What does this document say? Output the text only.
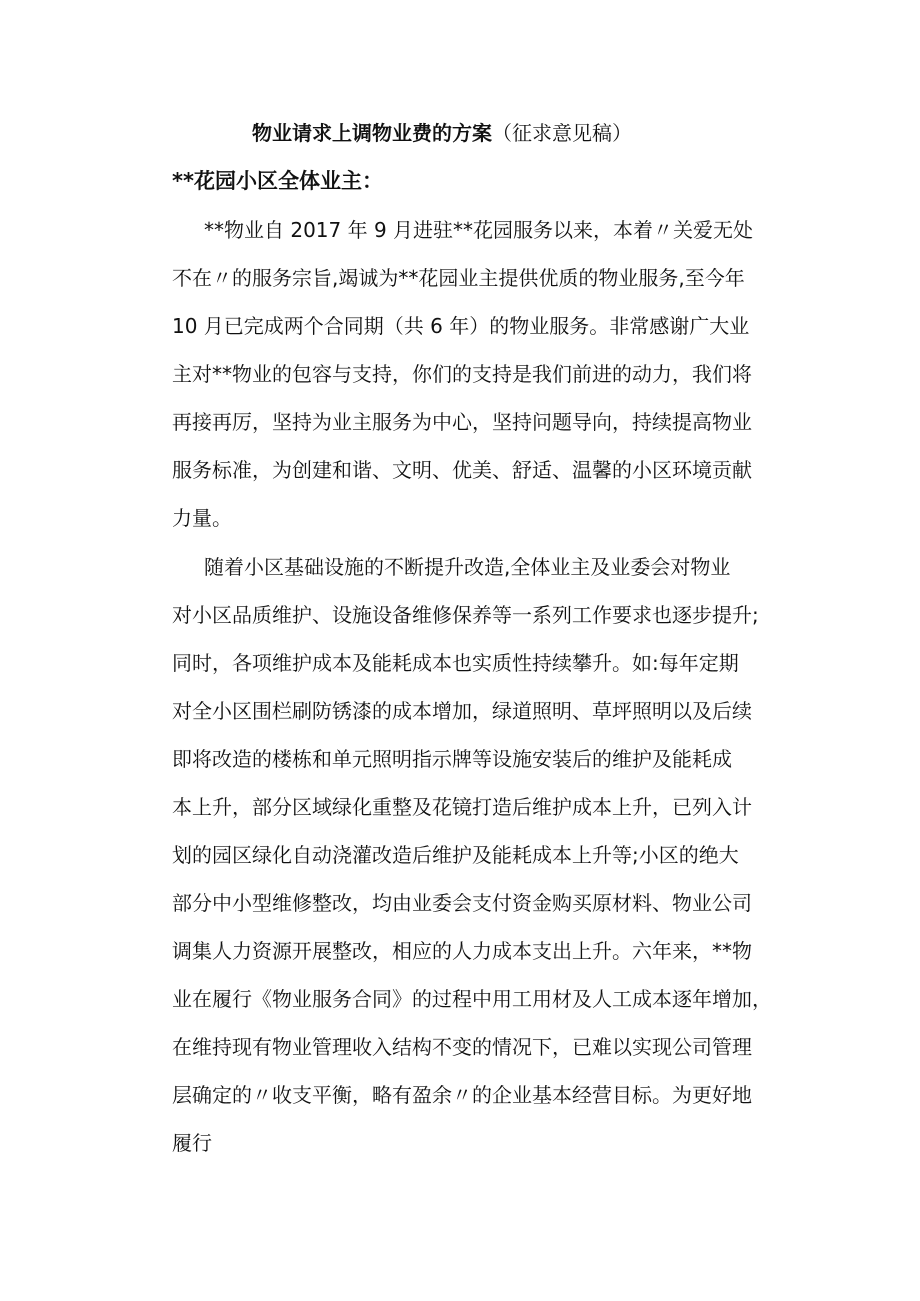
物业请求上调物业费的方案（征求意见稿）
**花园小区全体业主：
**物业自 2017 年 9 月进驻**花园服务以来，本着〃关爱无处
不在〃的服务宗旨,竭诚为**花园业主提供优质的物业服务,至今年
10 月已完成两个合同期（共 6 年）的物业服务。非常感谢广大业
主对**物业的包容与支持，你们的支持是我们前进的动力，我们将
再接再厉，坚持为业主服务为中心，坚持问题导向，持续提高物业
服务标准，为创建和谐、文明、优美、舒适、温馨的小区环境贡献
力量。
随着小区基础设施的不断提升改造,全体业主及业委会对物业
对小区品质维护、设施设备维修保养等一系列工作要求也逐步提升;
同时，各项维护成本及能耗成本也实质性持续攀升。如:每年定期
对全小区围栏刷防锈漆的成本增加，绿道照明、草坪照明以及后续
即将改造的楼栋和单元照明指示牌等设施安装后的维护及能耗成
本上升，部分区域绿化重整及花镜打造后维护成本上升，已列入计
划的园区绿化自动浇灌改造后维护及能耗成本上升等;小区的绝大
部分中小型维修整改，均由业委会支付资金购买原材料、物业公司
调集人力资源开展整改，相应的人力成本支出上升。六年来，**物
业在履行《物业服务合同》的过程中用工用材及人工成本逐年增加，
在维持现有物业管理收入结构不变的情况下，已难以实现公司管理
层确定的〃收支平衡，略有盈余〃的企业基本经营目标。为更好地
履行
